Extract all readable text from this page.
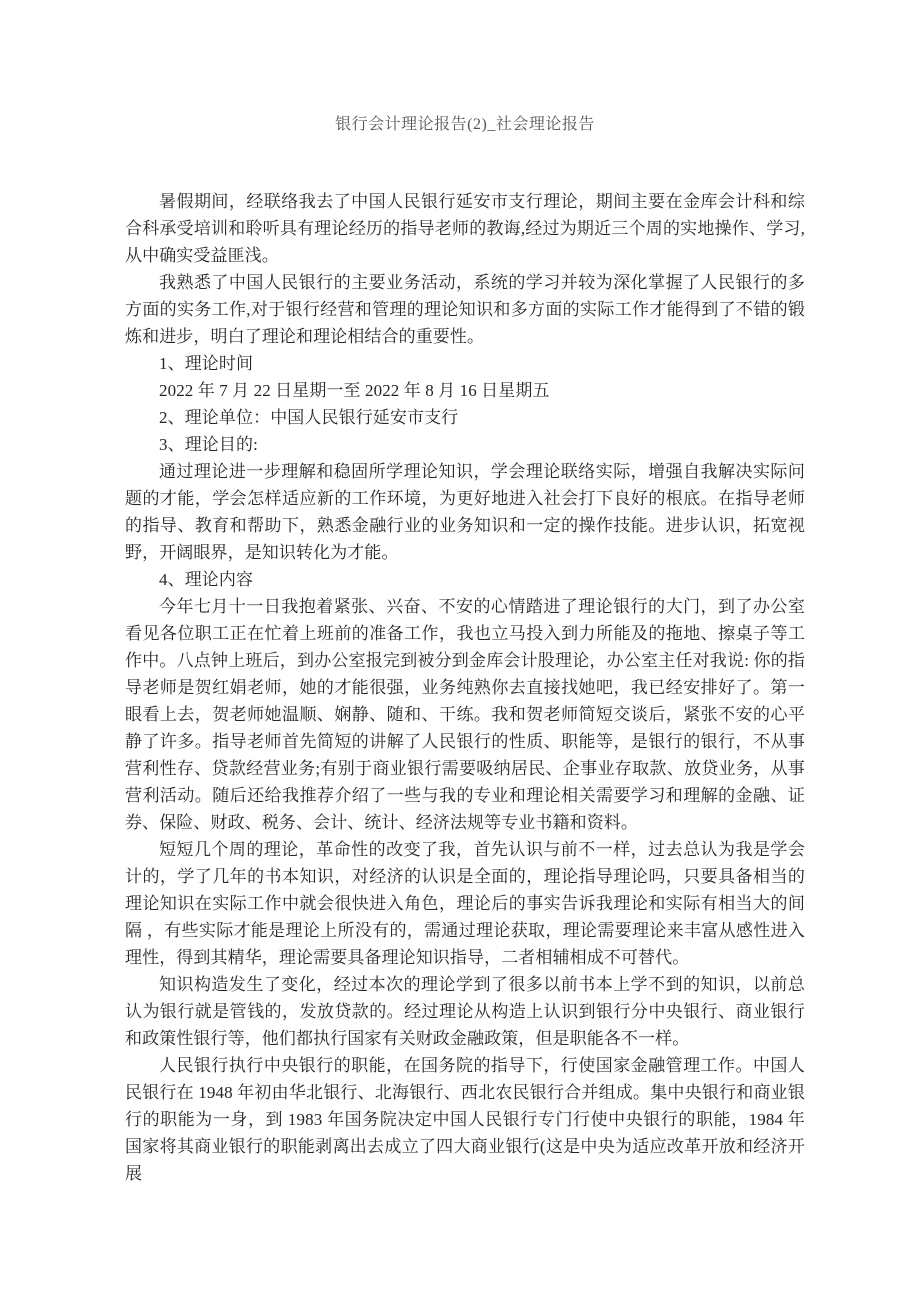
银行会计理论报告(2)_社会理论报告

暑假期间，经联络我去了中国人民银行延安市支行理论，期间主要在金库会计科和综合科承受培训和聆听具有理论经历的指导老师的教诲,经过为期近三个周的实地操作、学习,从中确实受益匪浅。

我熟悉了中国人民银行的主要业务活动，系统的学习并较为深化掌握了人民银行的多方面的实务工作,对于银行经营和管理的理论知识和多方面的实际工作才能得到了不错的锻炼和进步，明白了理论和理论相结合的重要性。

1、理论时间

2022 年 7 月 22 日星期一至 2022 年 8 月 16 日星期五

2、理论单位：中国人民银行延安市支行

3、理论目的:

通过理论进一步理解和稳固所学理论知识，学会理论联络实际，增强自我解决实际问题的才能，学会怎样适应新的工作环境，为更好地进入社会打下良好的根底。在指导老师的指导、教育和帮助下，熟悉金融行业的业务知识和一定的操作技能。进步认识，拓宽视 野，开阔眼界，是知识转化为才能。

4、理论内容

今年七月十一日我抱着紧张、兴奋、不安的心情踏进了理论银行的大门，到了办公室看见各位职工正在忙着上班前的准备工作，我也立马投入到力所能及的拖地、擦桌子等工作中。八点钟上班后，到办公室报完到被分到金库会计股理论，办公室主任对我说: 你的指导老师是贺红娟老师，她的才能很强，业务纯熟你去直接找她吧，我已经安排好了。第一眼看上去，贺老师她温顺、娴静、随和、干练。我和贺老师简短交谈后，紧张不安的心平静了许多。指导老师首先简短的讲解了人民银行的性质、职能等，是银行的银行，不从事营利性存、贷款经营业务;有别于商业银行需要吸纳居民、企事业存取款、放贷业务，从事营利活动。随后还给我推荐介绍了一些与我的专业和理论相关需要学习和理解的金融、证券、保险、财政、税务、会计、统计、经济法规等专业书籍和资料。

短短几个周的理论，革命性的改变了我，首先认识与前不一样，过去总认为我是学会计的，学了几年的书本知识，对经济的认识是全面的，理论指导理论吗，只要具备相当的理论知识在实际工作中就会很快进入角色，理论后的事实告诉我理论和实际有相当大的间隔 ，有些实际才能是理论上所没有的，需通过理论获取，理论需要理论来丰富从感性进入理性，得到其精华，理论需要具备理论知识指导，二者相辅相成不可替代。

知识构造发生了变化，经过本次的理论学到了很多以前书本上学不到的知识，以前总认为银行就是管钱的，发放贷款的。经过理论从构造上认识到银行分中央银行、商业银行和政策性银行等，他们都执行国家有关财政金融政策，但是职能各不一样。

人民银行执行中央银行的职能，在国务院的指导下，行使国家金融管理工作。中国人民银行在 1948 年初由华北银行、北海银行、西北农民银行合并组成。集中央银行和商业银行的职能为一身，到 1983 年国务院决定中国人民银行专门行使中央银行的职能，1984 年国家将其商业银行的职能剥离出去成立了四大商业银行(这是中央为适应改革开放和经济开展
